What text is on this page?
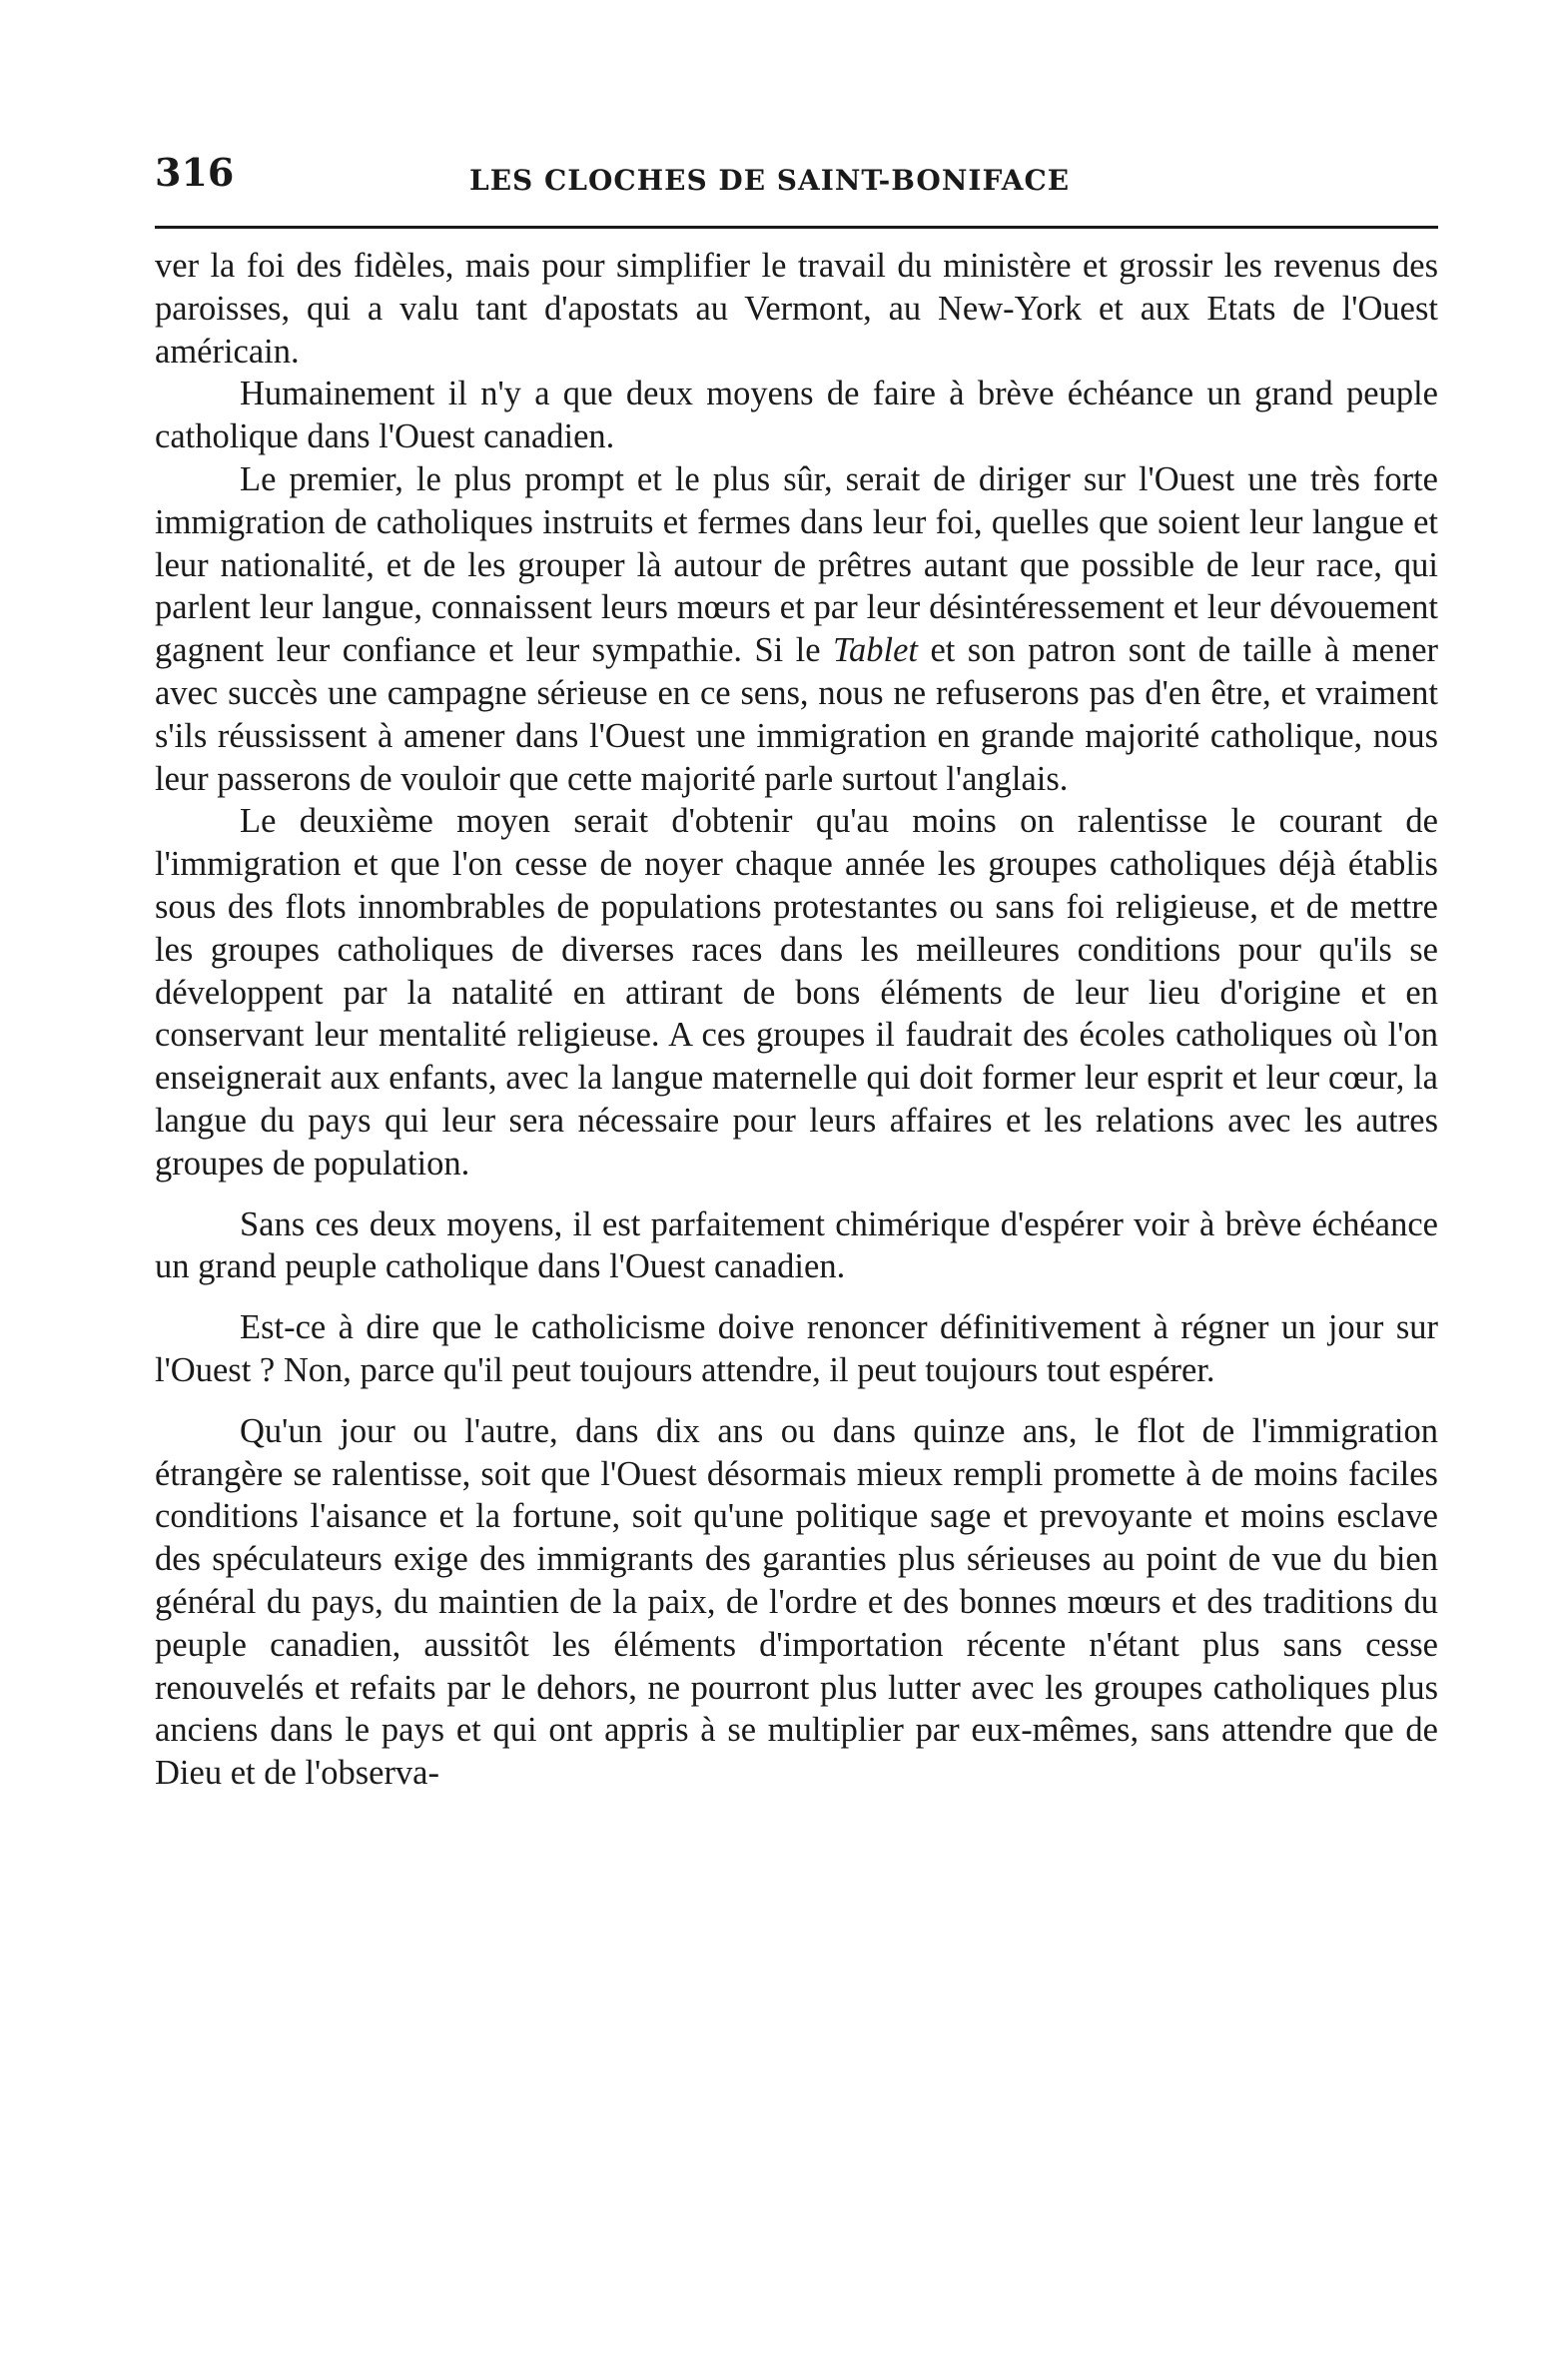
316	LES CLOCHES DE SAINT-BONIFACE

ver la foi des fidèles, mais pour simplifier le travail du ministère et grossir les revenus des paroisses, qui a valu tant d'apostats au Vermont, au New-York et aux Etats de l'Ouest américain.

Humainement il n'y a que deux moyens de faire à brève échéance un grand peuple catholique dans l'Ouest canadien.

Le premier, le plus prompt et le plus sûr, serait de diriger sur l'Ouest une très forte immigration de catholiques instruits et fermes dans leur foi, quelles que soient leur langue et leur nationalité, et de les grouper là autour de prêtres autant que possible de leur race, qui parlent leur langue, connaissent leurs mœurs et par leur désintéressement et leur dévouement gagnent leur confiance et leur sympathie. Si le Tablet et son patron sont de taille à mener avec succès une campagne sérieuse en ce sens, nous ne refuserons pas d'en être, et vraiment s'ils réussissent à amener dans l'Ouest une immigration en grande majorité catholique, nous leur passerons de vouloir que cette majorité parle surtout l'anglais.

Le deuxième moyen serait d'obtenir qu'au moins on ralentisse le courant de l'immigration et que l'on cesse de noyer chaque année les groupes catholiques déjà établis sous des flots innombrables de populations protestantes ou sans foi religieuse, et de mettre les groupes catholiques de diverses races dans les meilleures conditions pour qu'ils se développent par la natalité en attirant de bons éléments de leur lieu d'origine et en conservant leur mentalité religieuse. A ces groupes il faudrait des écoles catholiques où l'on enseignerait aux enfants, avec la langue maternelle qui doit former leur esprit et leur cœur, la langue du pays qui leur sera nécessaire pour leurs affaires et les relations avec les autres groupes de population.

Sans ces deux moyens, il est parfaitement chimérique d'espérer voir à brève échéance un grand peuple catholique dans l'Ouest canadien.

Est-ce à dire que le catholicisme doive renoncer définitivement à régner un jour sur l'Ouest ? Non, parce qu'il peut toujours attendre, il peut toujours tout espérer.

Qu'un jour ou l'autre, dans dix ans ou dans quinze ans, le flot de l'immigration étrangère se ralentisse, soit que l'Ouest désormais mieux rempli promette à de moins faciles conditions l'aisance et la fortune, soit qu'une politique sage et prevoyante et moins esclave des spéculateurs exige des immigrants des garanties plus sérieuses au point de vue du bien général du pays, du maintien de la paix, de l'ordre et des bonnes mœurs et des traditions du peuple canadien, aussitôt les éléments d'importation récente n'étant plus sans cesse renouvelés et refaits par le dehors, ne pourront plus lutter avec les groupes catholiques plus anciens dans le pays et qui ont appris à se multiplier par eux-mêmes, sans attendre que de Dieu et de l'observa-
